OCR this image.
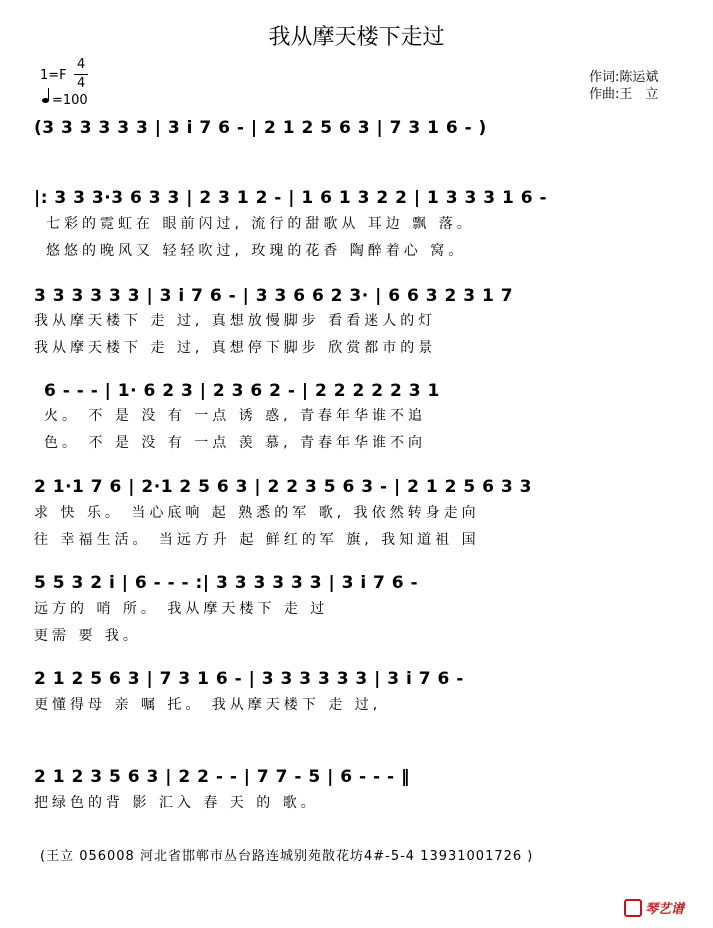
我从摩天楼下走过
1=F
4
4
=100
作词:陈运斌
作曲:王　立
(3 3 3 3 3 3 | 3 i 7 6 - | 2 1 2 5 6 3 | 7 3 1 6 - )
|: 3 3 3·3 6 3 3 | 2 3 1 2 - | 1 6 1 3 2 2 | 1 3 3 3 1 6 -
七彩的霓虹在 眼前闪过, 流行的甜歌从 耳边 飘 落。
悠悠的晚风又 轻轻吹过, 玫瑰的花香 陶醉着心 窝。
3 3 3 3 3 3 | 3 i 7 6 - | 3 3 6 6 2 3· | 6 6 3 2 3 1 7
我从摩天楼下 走 过, 真想放慢脚步 看看迷人的灯
我从摩天楼下 走 过, 真想停下脚步 欣赏都市的景
6 - - - | 1· 6 2 3 | 2 3 6 2 - | 2 2 2 2 2 3 1
火。 不 是 没 有 一点 诱 惑, 青春年华谁不追
色。 不 是 没 有 一点 羡 慕, 青春年华谁不向
2 1·1 7 6 | 2·1 2 5 6 3 | 2 2 3 5 6 3 - | 2 1 2 5 6 3 3
求 快 乐。 当心底响 起 熟悉的军 歌, 我依然转身走向
往 幸福生活。 当远方升 起 鲜红的军 旗, 我知道祖 国
5 5 3 2 i | 6 - - - :| 3 3 3 3 3 3 | 3 i 7 6 -
远方的 哨 所。 我从摩天楼下 走 过
更需 要 我。
2 1 2 5 6 3 | 7 3 1 6 - | 3 3 3 3 3 3 | 3 i 7 6 -
更懂得母 亲 嘱 托。 我从摩天楼下 走 过,
2 1 2 3 5 6 3 | 2 2 - - | 7 7 - 5 | 6 - - - ‖
把绿色的背 影 汇入 春 天 的 歌。
(王立 056008 河北省邯郸市丛台路连城别苑散花坊4#-5-4 13931001726 )
琴艺谱
